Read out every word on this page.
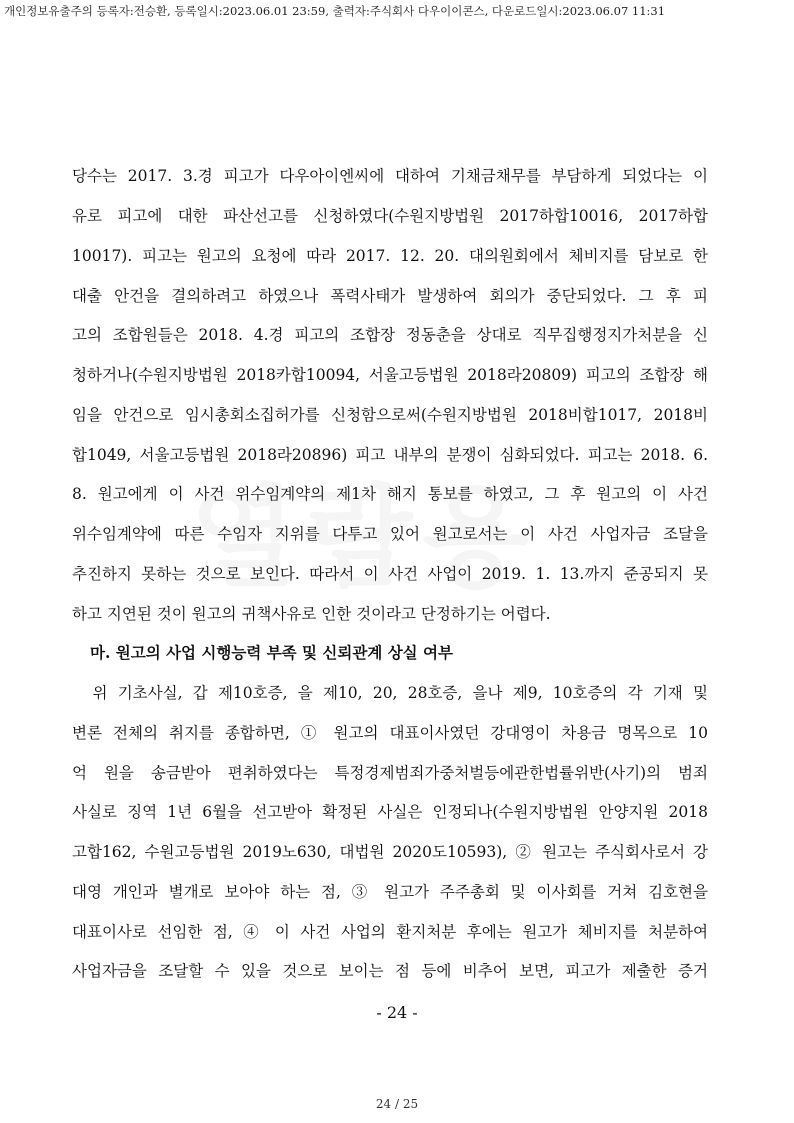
개인정보유출주의 등록자:전승환, 등록일시:2023.06.01 23:59, 출력자:주식회사 다우이이콘스, 다운로드일시:2023.06.07 11:31
당수는 2017. 3.경 피고가 다우아이엔씨에 대하여 기채금채무를 부담하게 되었다는 이
유로 피고에 대한 파산선고를 신청하였다(수원지방법원 2017하합10016, 2017하합
10017). 피고는 원고의 요청에 따라 2017. 12. 20. 대의원회에서 체비지를 담보로 한
대출 안건을 결의하려고 하였으나 폭력사태가 발생하여 회의가 중단되었다. 그 후 피
고의 조합원들은 2018. 4.경 피고의 조합장 정동춘을 상대로 직무집행정지가처분을 신
청하거나(수원지방법원 2018카합10094, 서울고등법원 2018라20809) 피고의 조합장 해
임을 안건으로 임시총회소집허가를 신청함으로써(수원지방법원 2018비합1017, 2018비
합1049, 서울고등법원 2018라20896) 피고 내부의 분쟁이 심화되었다. 피고는 2018. 6.
8. 원고에게 이 사건 위수임계약의 제1차 해지 통보를 하였고, 그 후 원고의 이 사건
위수임계약에 따른 수임자 지위를 다투고 있어 원고로서는 이 사건 사업자금 조달을
추진하지 못하는 것으로 보인다. 따라서 이 사건 사업이 2019. 1. 13.까지 준공되지 못
하고 지연된 것이 원고의 귀책사유로 인한 것이라고 단정하기는 어렵다.
마. 원고의 사업 시행능력 부족 및 신뢰관계 상실 여부
위 기초사실, 갑 제10호증, 을 제10, 20, 28호증, 을나 제9, 10호증의 각 기재 및
변론 전체의 취지를 종합하면, ① 원고의 대표이사였던 강대영이 차용금 명목으로 10
억 원을 송금받아 편취하였다는 특정경제범죄가중처벌등에관한법률위반(사기)의 범죄
사실로 징역 1년 6월을 선고받아 확정된 사실은 인정되나(수원지방법원 안양지원 2018
고합162, 수원고등법원 2019노630, 대법원 2020도10593), ② 원고는 주식회사로서 강
대영 개인과 별개로 보아야 하는 점, ③ 원고가 주주총회 및 이사회를 거쳐 김호현을
대표이사로 선임한 점, ④ 이 사건 사업의 환지처분 후에는 원고가 체비지를 처분하여
사업자금을 조달할 수 있을 것으로 보이는 점 등에 비추어 보면, 피고가 제출한 증거
- 24 -
24 / 25
